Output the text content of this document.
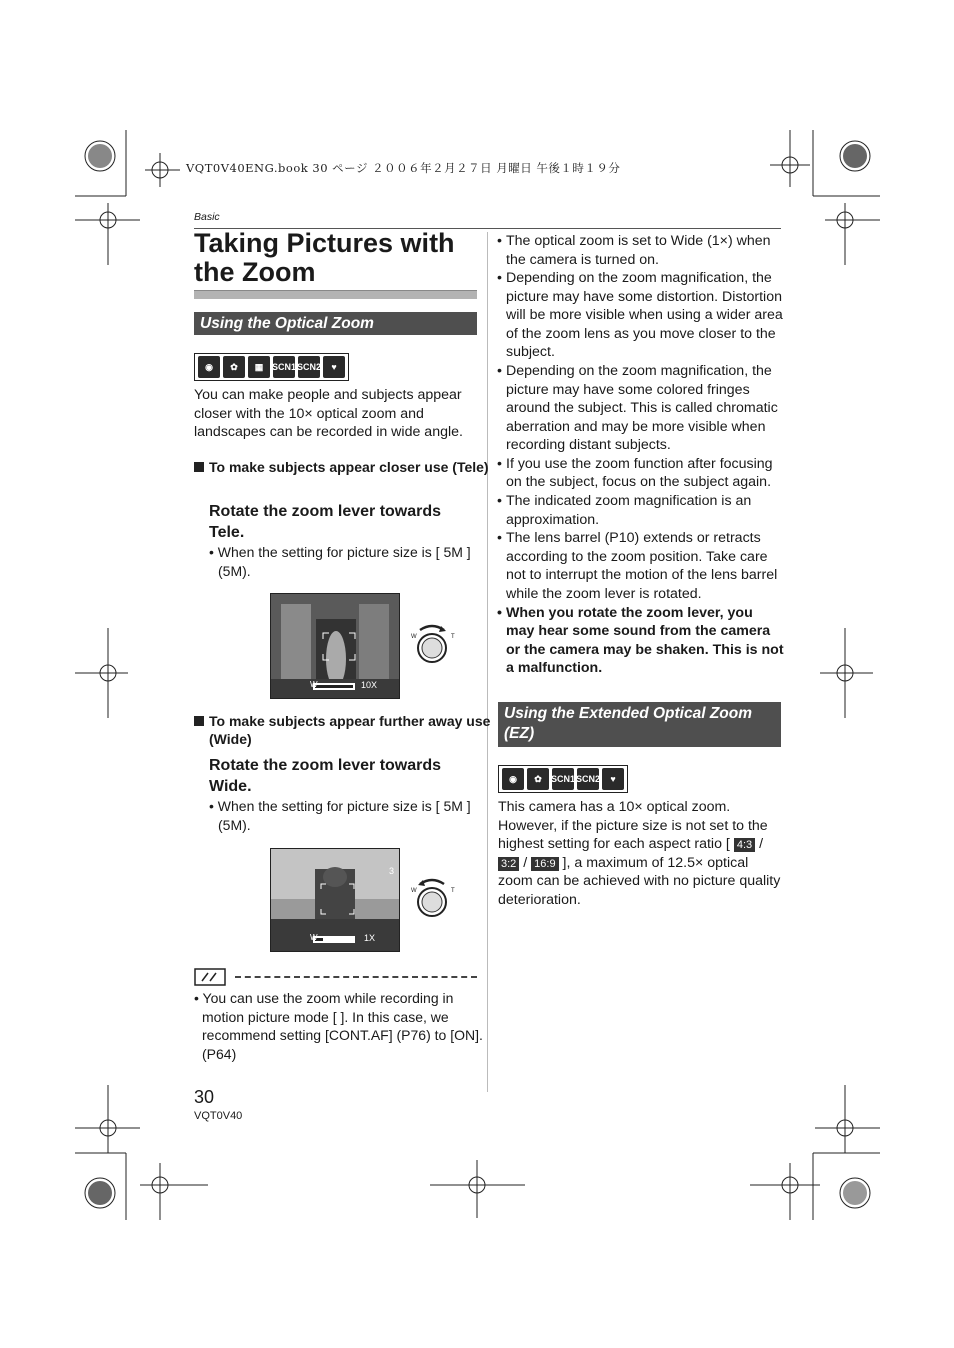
VQT0V40ENG.book 30 ページ ２００６年２月２７日 月曜日 午後１時１９分
Basic
Taking Pictures with
the Zoom
Using the Optical Zoom
◉	✿	▦ SCN1 SCN2	♥
You can make people and subjects appear closer with the 10× optical zoom and landscapes can be recorded in wide angle.
To make subjects appear closer use (Tele)
Rotate the zoom lever towards Tele.
• When the setting for picture size is [ 5M ] (5M).
W	10X
W	T
To make subjects appear further away use (Wide)
Rotate the zoom lever towards Wide.
• When the setting for picture size is [ 5M ] (5M).
3
W	1X
W	T
• You can use the zoom while recording in motion picture mode [ ]. In this case, we recommend setting [CONT.AF] (P76) to [ON]. (P64)
30
VQT0V40
• The optical zoom is set to Wide (1×) when the camera is turned on.
• Depending on the zoom magnification, the picture may have some distortion. Distortion will be more visible when using a wider area of the zoom lens as you move closer to the subject.
• Depending on the zoom magnification, the picture may have some colored fringes around the subject. This is called chromatic aberration and may be more visible when recording distant subjects.
• If you use the zoom function after focusing on the subject, focus on the subject again.
• The indicated zoom magnification is an approximation.
• The lens barrel (P10) extends or retracts according to the zoom position. Take care not to interrupt the motion of the lens barrel while the zoom lever is rotated.
• When you rotate the zoom lever, you may hear some sound from the camera or the camera may be shaken. This is not a malfunction.
Using the Extended Optical Zoom (EZ)
◉	✿	SCN1 SCN2	♥
This camera has a 10× optical zoom. However, if the picture size is not set to the highest setting for each aspect ratio [ 4:3 / 3:2 / 16:9 ], a maximum of 12.5× optical zoom can be achieved with no picture quality deterioration.
